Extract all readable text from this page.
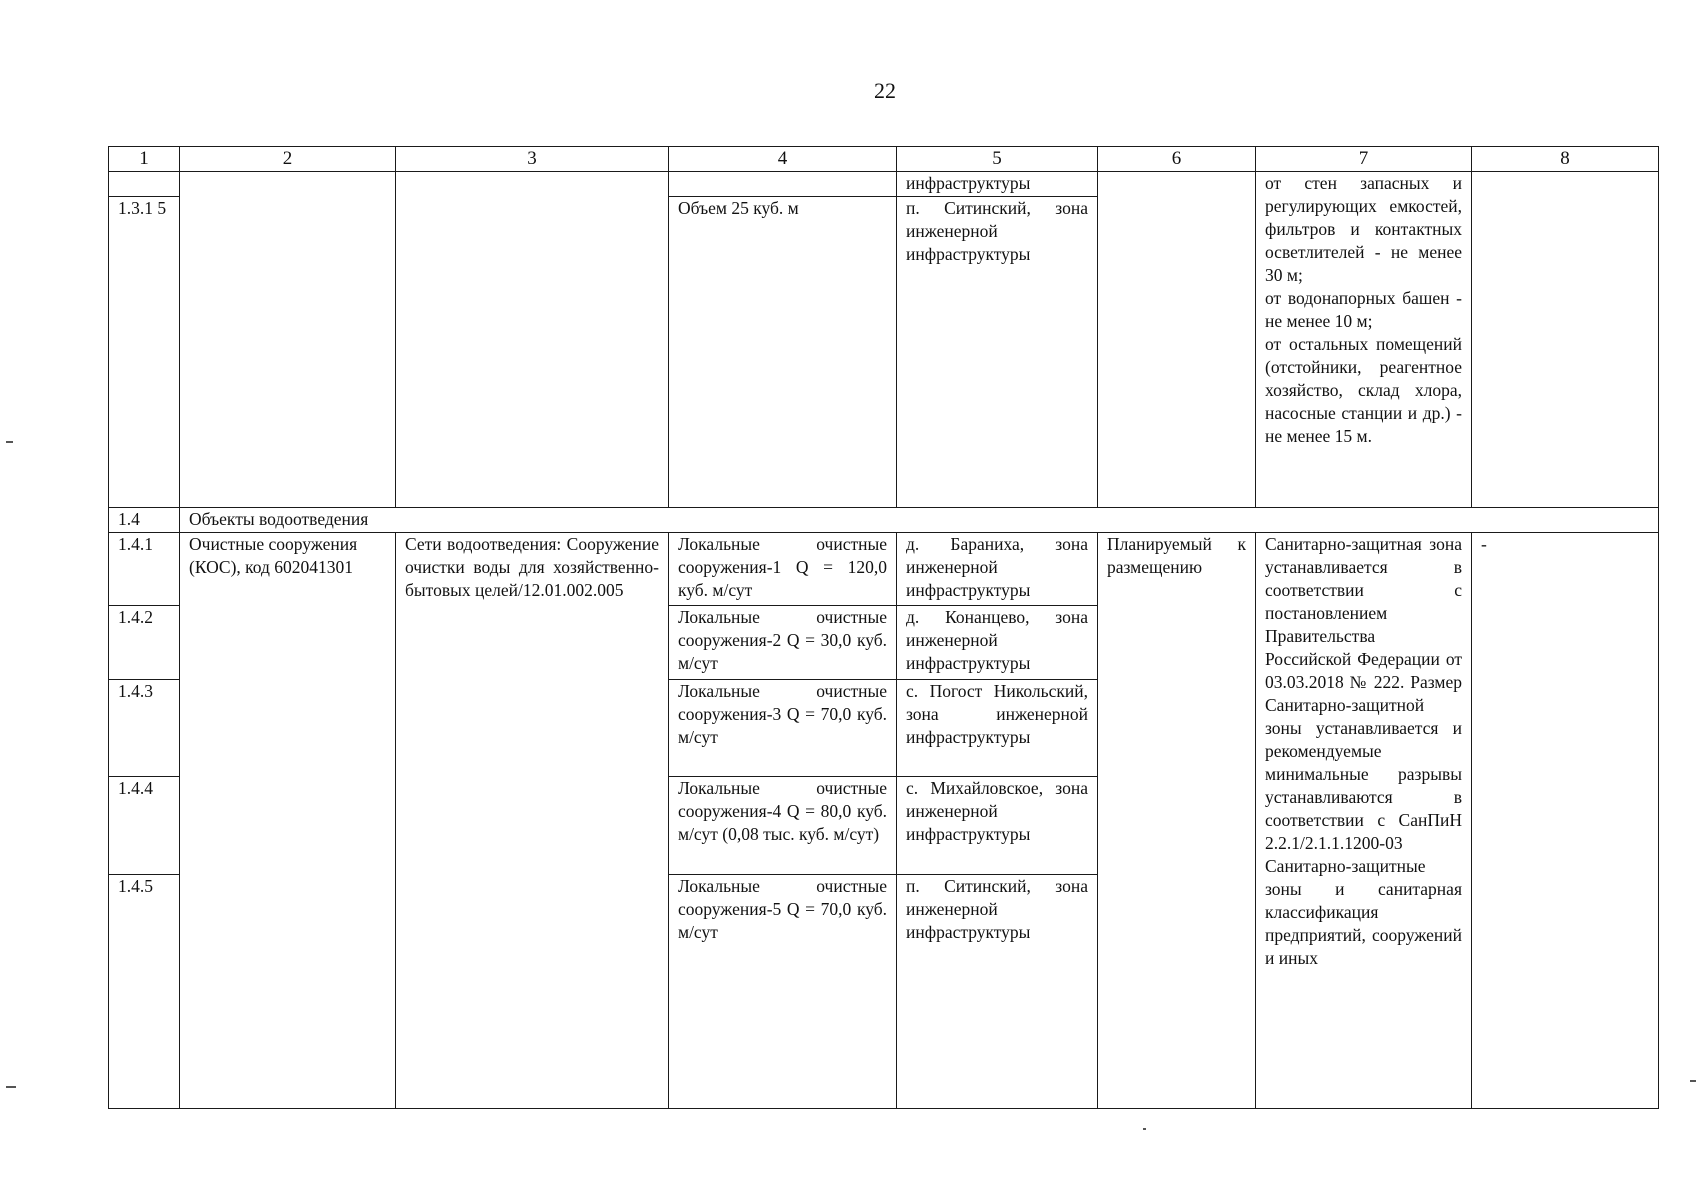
22
1	2	3	4	5	6	7	8
				инфраструктуры		от стен запасных и регулирующих емкостей, фильтров и контактных осветлителей - не менее 30 м;
от водонапорных башен - не менее 10 м;
от остальных помещений (отстойники, реагентное хозяйство, склад хлора, насосные станции и др.) - не менее 15 м.	

1.3.1 5			Объем 25 куб. м	п. Ситинский, зона инженерной инфраструктуры			
1.4	Объекты водоотведения						
1.4.1	Очистные сооружения (КОС), код 602041301	Сети водоотведения: Сооружение очистки воды для хозяйственно-бытовых целей/12.01.002.005	Локальные очистные сооружения-1 Q = 120,0 куб. м/сут	д. Бараниха, зона инженерной инфраструктуры	Планируемый к размещению	Санитарно-защитная зона устанавливается в соответствии с постановлением Правительства Российской Федерации от 03.03.2018 № 222. Размер Санитарно-защитной зоны устанавливается и рекомендуемые минимальные разрывы устанавливаются в соответствии с СанПиН 2.2.1/2.1.1.1200-03 Санитарно-защитные зоны и санитарная классификация предприятий, сооружений и иных	-
1.4.2			Локальные очистные сооружения-2 Q = 30,0 куб. м/сут	д. Конанцево, зона инженерной инфраструктуры			
1.4.3			Локальные очистные сооружения-3 Q = 70,0 куб. м/сут	с. Погост Никольский, зона инженерной инфраструктуры			
1.4.4			Локальные очистные сооружения-4 Q = 80,0 куб. м/сут (0,08 тыс. куб. м/сут)	с. Михайловское, зона инженерной инфраструктуры			
1.4.5			Локальные очистные сооружения-5 Q = 70,0 куб. м/сут	п. Ситинский, зона инженерной инфраструктуры			
